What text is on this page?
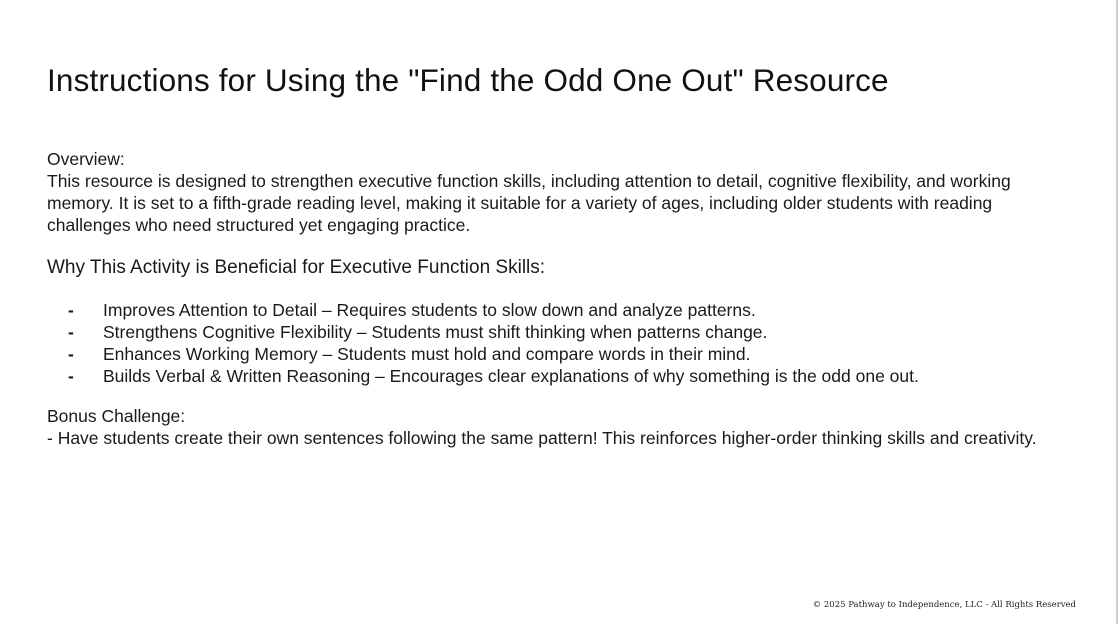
Instructions for Using the "Find the Odd One Out" Resource

Overview:

This resource is designed to strengthen executive function skills, including attention to detail, cognitive flexibility, and working memory. It is set to a fifth-grade reading level, making it suitable for a variety of ages, including older students with reading challenges who need structured yet engaging practice.

Why This Activity is Beneficial for Executive Function Skills:
- Improves Attention to Detail – Requires students to slow down and analyze patterns.
- Strengthens Cognitive Flexibility – Students must shift thinking when patterns change.
- Enhances Working Memory – Students must hold and compare words in their mind.
- Builds Verbal & Written Reasoning – Encourages clear explanations of why something is the odd one out.

Bonus Challenge:

- Have students create their own sentences following the same pattern! This reinforces higher-order thinking skills and creativity.

© 2025 Pathway to Independence, LLC - All Rights Reserved
